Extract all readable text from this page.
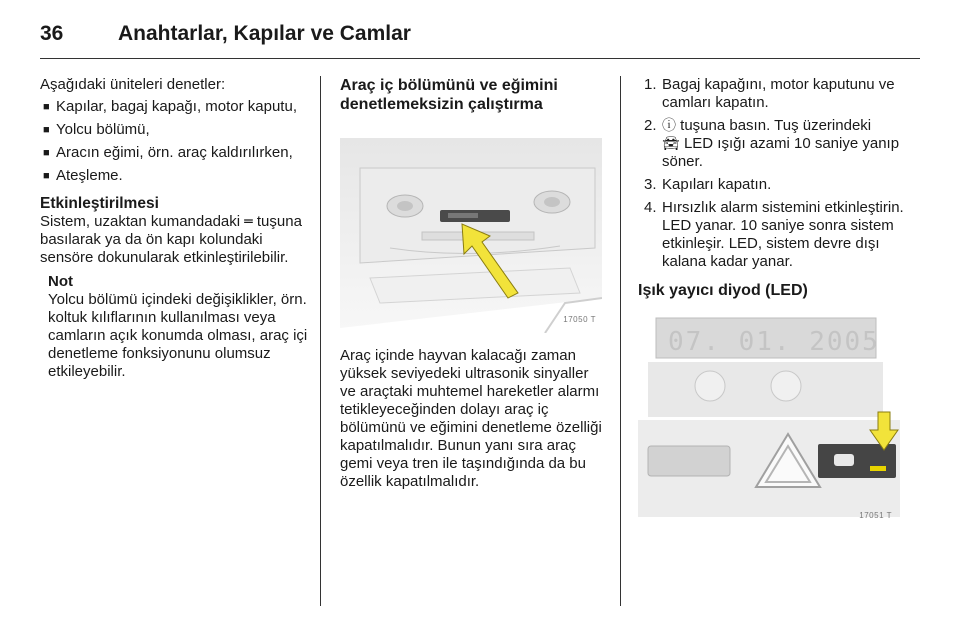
36	Anahtarlar, Kapılar ve Camlar

Aşağıdaki üniteleri denetler:

■ Kapılar, bagaj kapağı, motor kaputu,
■ Yolcu bölümü,
■ Aracın eğimi, örn. araç kaldırılırken,
■ Ateşleme.
Etkinleştirilmesi

Sistem, uzaktan kumandadaki ═ tuşuna basılarak ya da ön kapı kolundaki sensöre dokunularak etkinleştirilebilir.

Not

Yolcu bölümü içindeki değişiklikler, örn. koltuk kılıflarının kullanılması veya camların açık konumda olması, araç içi denetleme fonksiyonunu olumsuz etkileyebilir.

Araç iç bölümünü ve eğimini denetlemeksizin çalıştırma
17050 T

Araç içinde hayvan kalacağı zaman yüksek seviyedeki ultrasonik sinyaller ve araçtaki muhtemel hareketler alarmı tetikleyeceğinden dolayı araç iç bölümünü ve eğimini denetleme özelliği kapatılmalıdır. Bunun yanı sıra araç gemi veya tren ile taşındığında da bu özellik kapatılmalıdır.

1. Bagaj kapağını, motor kaputunu ve camları kapatın.
2. ⓘ tuşuna basın. Tuş üzerindeki
🚘︎ LED ışığı azami 10 saniye yanıp söner.
3. Kapıları kapatın.
4. Hırsızlık alarm sistemini etkinleştirin. LED yanar. 10 saniye sonra sistem etkinleşir. LED, sistem devre dışı kalana kadar yanar.
Işık yayıcı diyod (LED)
07. 01. 2005
17051 T
